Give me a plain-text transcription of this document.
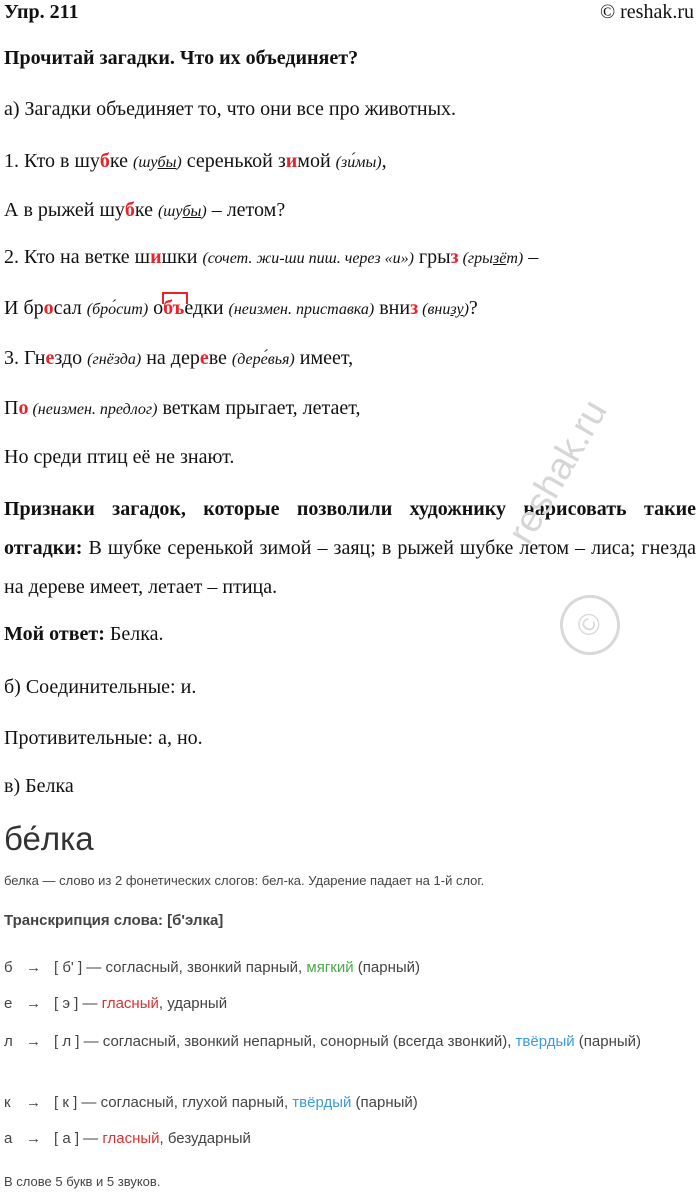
Упр. 211	© reshak.ru
Прочитай загадки. Что их объединяет?
а) Загадки объединяет то, что они все про животных.
1. Кто в шубке (шубы) серенькой зимой (зи́мы),
А в рыжей шубке (шубы) – летом?
2. Кто на ветке шишки (сочет. жи-ши пиш. через «и») грыз (грызёт) –
И бросал (бро́сит) о
бъедки (неизмен. приставка) вниз (внизу)?
3. Гнездо (гнёзда) на дереве (дере́вья) имеет,
По (неизмен. предлог) веткам прыгает, летает,
Но среди птиц её не знают.
Признаки загадок, которые позволили художнику нарисовать такие отгадки: В шубке серенькой зимой – заяц; в рыжей шубке летом – лиса; гнезда на дереве имеет, летает – птица.
reshak.ru
©
Мой ответ: Белка.
б) Соединительные: и.
Противительные: а, но.
в) Белка
бе́лка
белка — слово из 2 фонетических слогов: бел-ка. Ударение падает на 1-й слог.
Транскрипция слова: [б'элка]
б → [ б' ] — согласный, звонкий парный, мягкий (парный)
е → [ э ] — гласный, ударный
л → [ л ] — согласный, звонкий непарный, сонорный (всегда звонкий), твёрдый (парный)
к → [ к ] — согласный, глухой парный, твёрдый (парный)
а → [ а ] — гласный, безударный
В слове 5 букв и 5 звуков.
